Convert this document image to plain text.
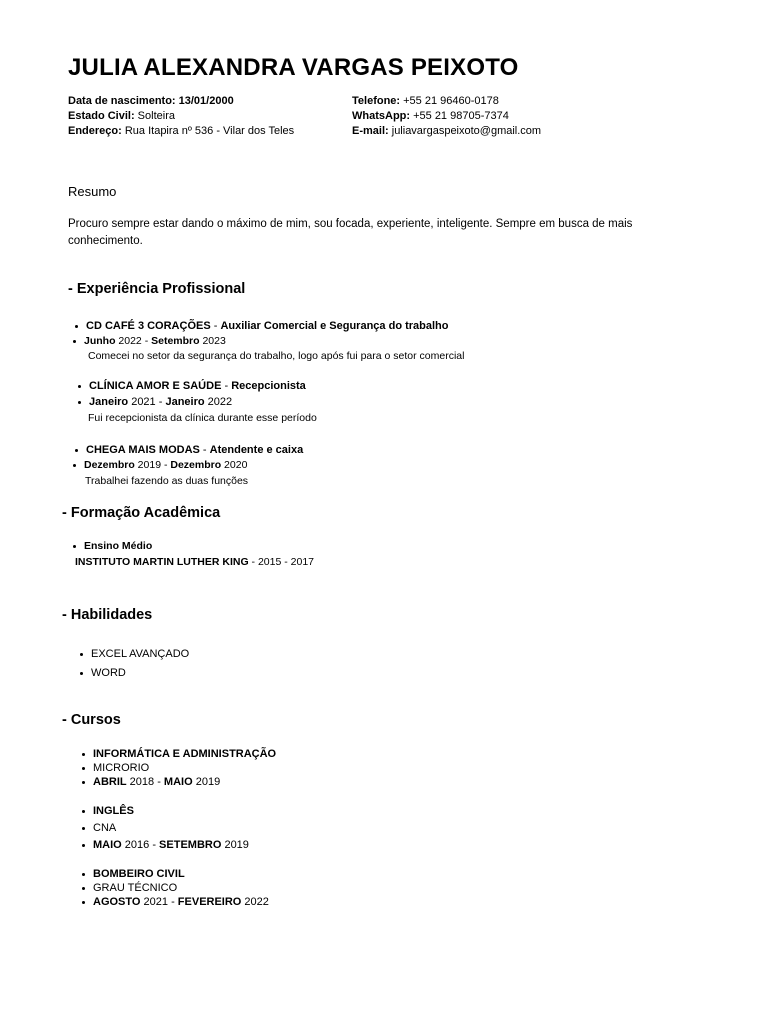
JULIA ALEXANDRA VARGAS PEIXOTO
Data de nascimento: 13/01/2000
Estado Civil: Solteira
Endereço: Rua Itapira nº 536 - Vilar dos Teles
Telefone: +55 21 96460-0178
WhatsApp: +55 21 98705-7374
E-mail: juliavargaspeixoto@gmail.com
Resumo
Procuro sempre estar dando o máximo de mim, sou focada, experiente, inteligente. Sempre em busca de mais conhecimento.
- Experiência Profissional
CD CAFÉ 3 CORAÇÕES - Auxiliar Comercial e Segurança do trabalho
Junho 2022 - Setembro 2023
Comecei no setor da segurança do trabalho, logo após fui para o setor comercial
CLÍNICA AMOR E SAÚDE - Recepcionista
Janeiro 2021 - Janeiro 2022
Fui recepcionista da clínica durante esse período
CHEGA MAIS MODAS - Atendente e caixa
Dezembro 2019 - Dezembro 2020
Trabalhei fazendo as duas funções
- Formação Acadêmica
Ensino Médio
INSTITUTO MARTIN LUTHER KING - 2015 - 2017
- Habilidades
EXCEL AVANÇADO
WORD
- Cursos
INFORMÁTICA E ADMINISTRAÇÃO
MICRORIO
ABRIL 2018 - MAIO 2019
INGLÊS
CNA
MAIO 2016 - SETEMBRO 2019
BOMBEIRO CIVIL
GRAU TÉCNICO
AGOSTO 2021 - FEVEREIRO 2022
